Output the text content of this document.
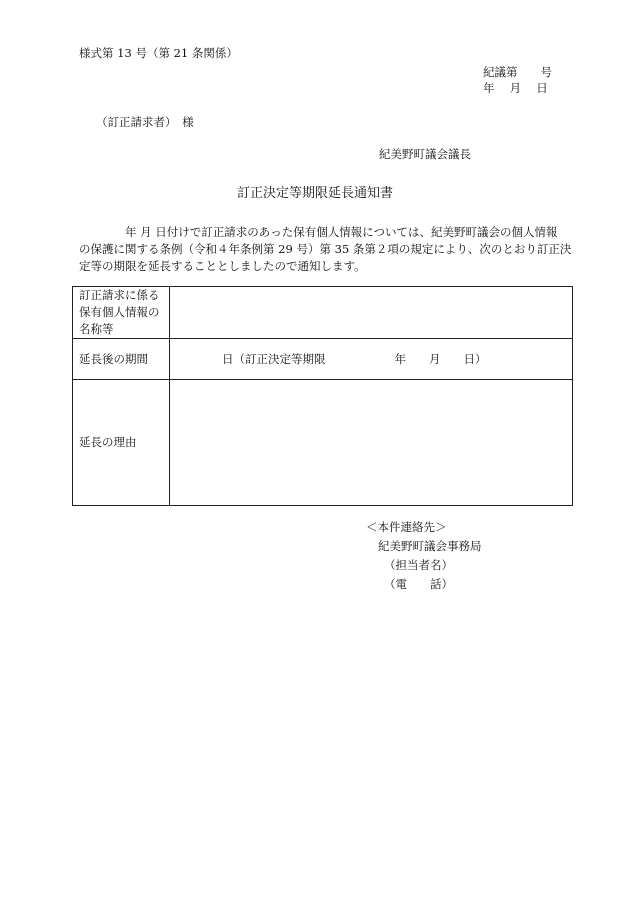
様式第 13 号（第 21 条関係）
紀議第　　号
年　 月　 日
（訂正請求者）　様
紀美野町議会議長
訂正決定等期限延長通知書
　　　　年 月 日付けで訂正請求のあった保有個人情報については、紀美野町議会の個人情報
の保護に関する条例（令和４年条例第 29 号）第 35 条第２項の規定により、次のとおり訂正決
定等の期限を延長することとしましたので通知します。
訂正請求に係る
保有個人情報の
名称等	

延長後の期間	　　　　日（訂正決定等期限　　　　　　年　　月　　日）

延長の理由	

＜本件連絡先＞
紀美野町議会事務局
（担当者名）
（電　　話）
